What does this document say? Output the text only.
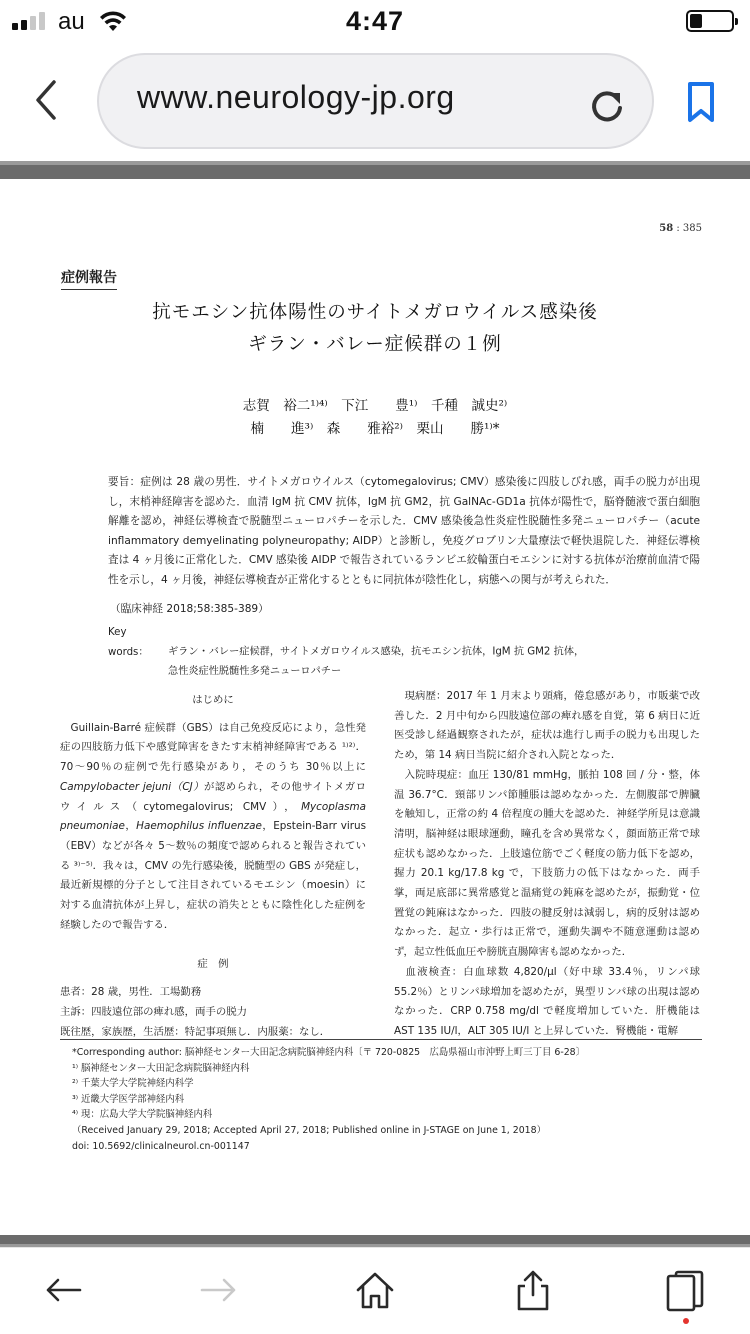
au	4:47
www.neurology-jp.org
58 : 385
症例報告
抗モエシン抗体陽性のサイトメガロウイルス感染後
ギラン・バレー症候群の１例
志賀　裕二¹⁾⁴⁾　下江　　豊¹⁾　千種　誠史²⁾
楠　　進³⁾　森　　雅裕²⁾　栗山　　勝¹⁾*
要旨：症例は 28 歳の男性．サイトメガロウイルス（cytomegalovirus; CMV）感染後に四肢しびれ感，両手の脱力が出現し，末梢神経障害を認めた．血清 IgM 抗 CMV 抗体，IgM 抗 GM2，抗 GalNAc-GD1a 抗体が陽性で，脳脊髄液で蛋白細胞解離を認め，神経伝導検査で脱髄型ニューロパチーを示した．CMV 感染後急性炎症性脱髄性多発ニューロパチー（acute inflammatory demyelinating polyneuropathy; AIDP）と診断し，免疫グロブリン大量療法で軽快退院した．神経伝導検査は 4 ヶ月後に正常化した．CMV 感染後 AIDP で報告されているランビエ絞輪蛋白モエシンに対する抗体が治療前血清で陽性を示し，4 ヶ月後，神経伝導検査が正常化するとともに同抗体が陰性化し，病態への関与が考えられた．
（臨床神経 2018;58:385-389）
Key words： ギラン・バレー症候群，サイトメガロウイルス感染，抗モエシン抗体，IgM 抗 GM2 抗体，
急性炎症性脱髄性多発ニューロパチー

はじめに

　Guillain-Barré 症候群（GBS）は自己免疫反応により，急性発症の四肢筋力低下や感覚障害をきたす末梢神経障害である ¹⁾²⁾．70～90％の症例で先行感染があり，そのうち 30％以上に Campylobacter jejuni（CJ）が認められ，その他サイトメガロウイルス（cytomegalovirus; CMV），Mycoplasma pneumoniae，Haemophilus influenzae，Epstein-Barr virus（EBV）などが各々 5～数％の頻度で認められると報告されている ³⁾⁻⁵⁾．我々は，CMV の先行感染後，脱髄型の GBS が発症し，最近新規標的分子として注目されているモエシン（moesin）に対する血清抗体が上昇し，症状の消失とともに陰性化した症例を経験したので報告する．

症　例

患者：28 歳，男性．工場勤務

主訴：四肢遠位部の痺れ感，両手の脱力

既往歴，家族歴，生活歴：特記事項無し．内服薬：なし．

　現病歴：2017 年 1 月末より頭痛，倦怠感があり，市販薬で改善した．2 月中旬から四肢遠位部の痺れ感を自覚，第 6 病日に近医受診し経過観察されたが，症状は進行し両手の脱力も出現したため，第 14 病日当院に紹介され入院となった．

　入院時現症：血圧 130/81 mmHg，脈拍 108 回 / 分・整，体温 36.7°C．頸部リンパ節腫脹は認めなかった．左側腹部で脾臓を触知し，正常の約 4 倍程度の腫大を認めた．神経学所見は意識清明，脳神経は眼球運動，瞳孔を含め異常なく，顔面筋正常で球症状も認めなかった．上肢遠位筋でごく軽度の筋力低下を認め，握力 20.1 kg/17.8 kg で，下肢筋力の低下はなかった．両手掌，両足底部に異常感覚と温痛覚の鈍麻を認めたが，振動覚・位置覚の鈍麻はなかった．四肢の腱反射は減弱し，病的反射は認めなかった．起立・歩行は正常で，運動失調や不随意運動は認めず，起立性低血圧や膀胱直腸障害も認めなかった．

　血液検査：白血球数 4,820/μl（好中球 33.4％，リンパ球 55.2％）とリンパ球増加を認めたが，異型リンパ球の出現は認めなかった．CRP 0.758 mg/dl で軽度増加していた．肝機能は AST 135 IU/l，ALT 305 IU/l と上昇していた．腎機能・電解

*Corresponding author: 脳神経センター大田記念病院脳神経内科〔〒 720-0825　広島県福山市沖野上町三丁目 6-28〕
¹⁾ 脳神経センター大田記念病院脳神経内科
²⁾ 千葉大学大学院神経内科学
³⁾ 近畿大学医学部神経内科
⁴⁾ 現：広島大学大学院脳神経内科
（Received January 29, 2018; Accepted April 27, 2018; Published online in J-STAGE on June 1, 2018）
doi: 10.5692/clinicalneurol.cn-001147
